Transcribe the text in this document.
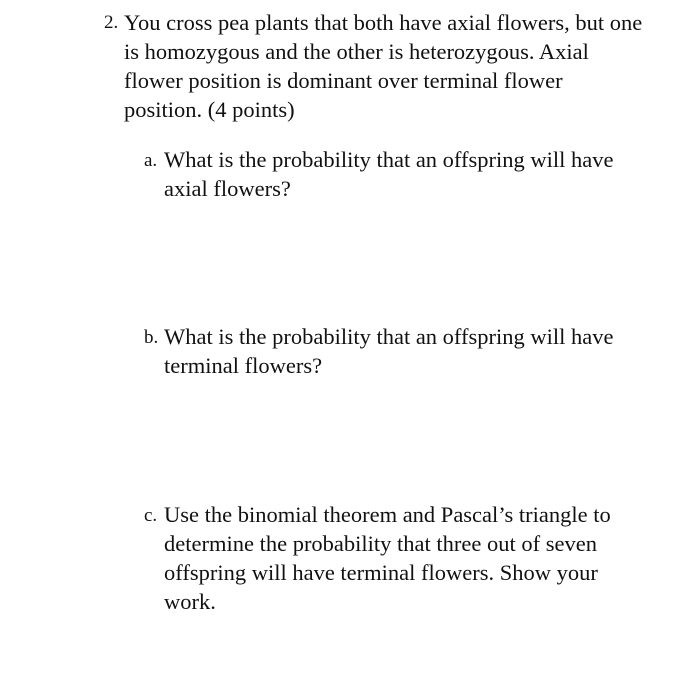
2. You cross pea plants that both have axial flowers, but one is homozygous and the other is heterozygous. Axial flower position is dominant over terminal flower position. (4 points)
a. What is the probability that an offspring will have axial flowers?
b. What is the probability that an offspring will have terminal flowers?
c. Use the binomial theorem and Pascal’s triangle to determine the probability that three out of seven offspring will have terminal flowers. Show your work.
